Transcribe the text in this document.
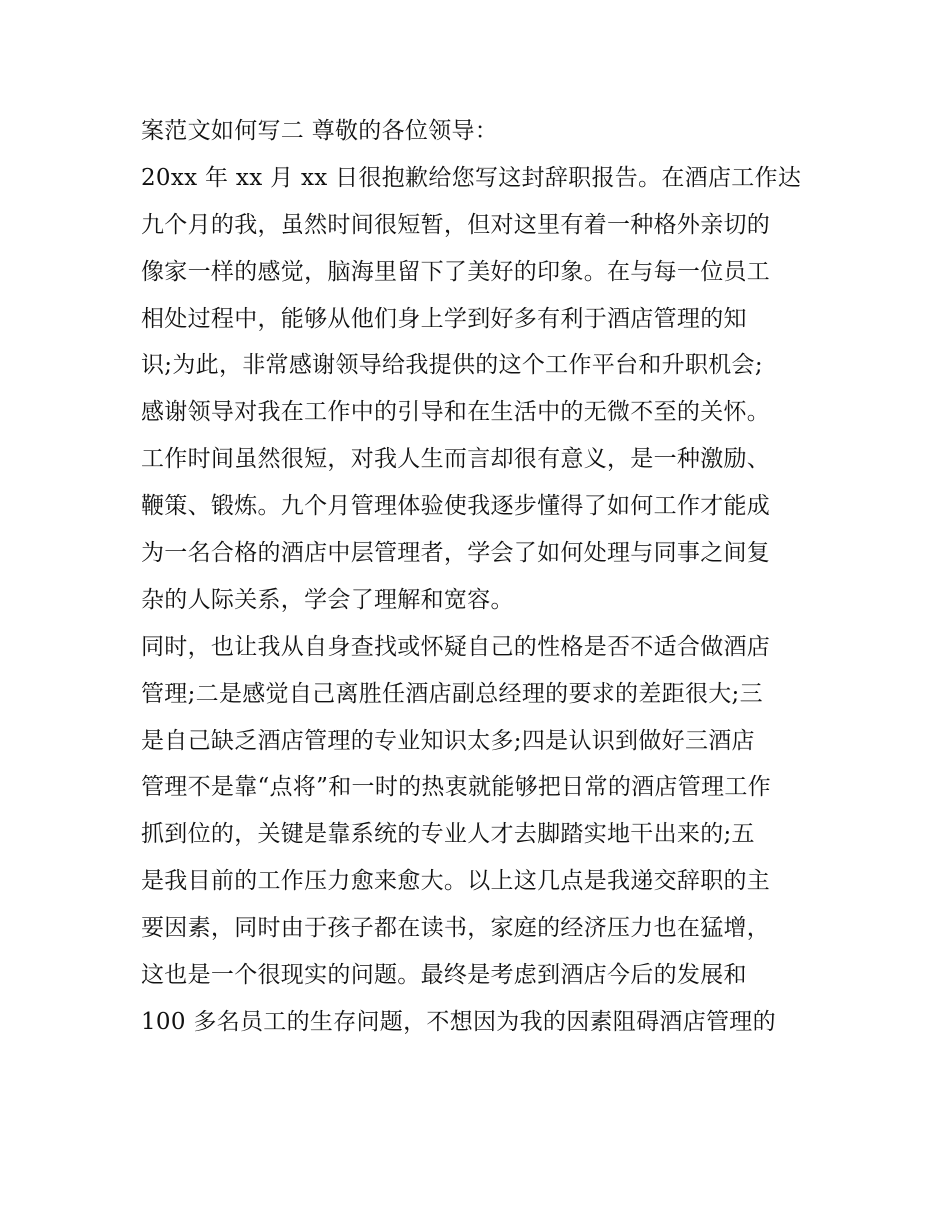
案范文如何写二 尊敬的各位领导：
20xx 年 xx 月 xx 日很抱歉给您写这封辞职报告。在酒店工作达
九个月的我，虽然时间很短暂，但对这里有着一种格外亲切的
像家一样的感觉，脑海里留下了美好的印象。在与每一位员工
相处过程中，能够从他们身上学到好多有利于酒店管理的知
识;为此，非常感谢领导给我提供的这个工作平台和升职机会;
感谢领导对我在工作中的引导和在生活中的无微不至的关怀。
工作时间虽然很短，对我人生而言却很有意义，是一种激励、
鞭策、锻炼。九个月管理体验使我逐步懂得了如何工作才能成
为一名合格的酒店中层管理者，学会了如何处理与同事之间复
杂的人际关系，学会了理解和宽容。
同时，也让我从自身查找或怀疑自己的性格是否不适合做酒店
管理;二是感觉自己离胜任酒店副总经理的要求的差距很大;三
是自己缺乏酒店管理的专业知识太多;四是认识到做好三酒店
管理不是靠“点将”和一时的热衷就能够把日常的酒店管理工作
抓到位的，关键是靠系统的专业人才去脚踏实地干出来的;五
是我目前的工作压力愈来愈大。以上这几点是我递交辞职的主
要因素，同时由于孩子都在读书，家庭的经济压力也在猛增，
这也是一个很现实的问题。最终是考虑到酒店今后的发展和
100 多名员工的生存问题，不想因为我的因素阻碍酒店管理的
